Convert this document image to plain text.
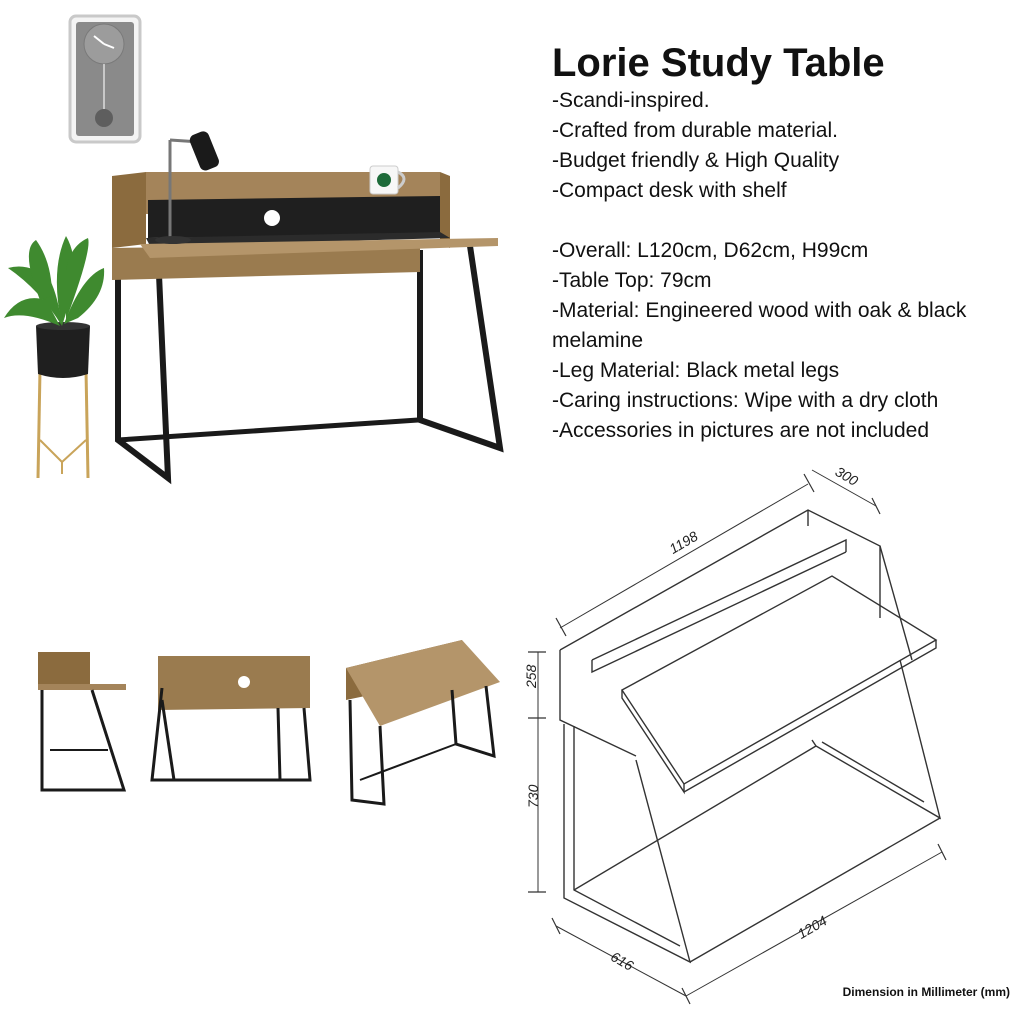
1198
300
258
730
616
1204
Lorie Study Table
-Scandi-inspired.
-Crafted from durable material.
-Budget friendly & High Quality
-Compact desk with shelf
-Overall: L120cm, D62cm, H99cm
-Table Top: 79cm
-Material: Engineered wood with oak & black melamine
-Leg Material: Black metal legs
-Caring instructions: Wipe with a dry cloth
-Accessories in pictures are not included
Dimension in Millimeter (mm)
